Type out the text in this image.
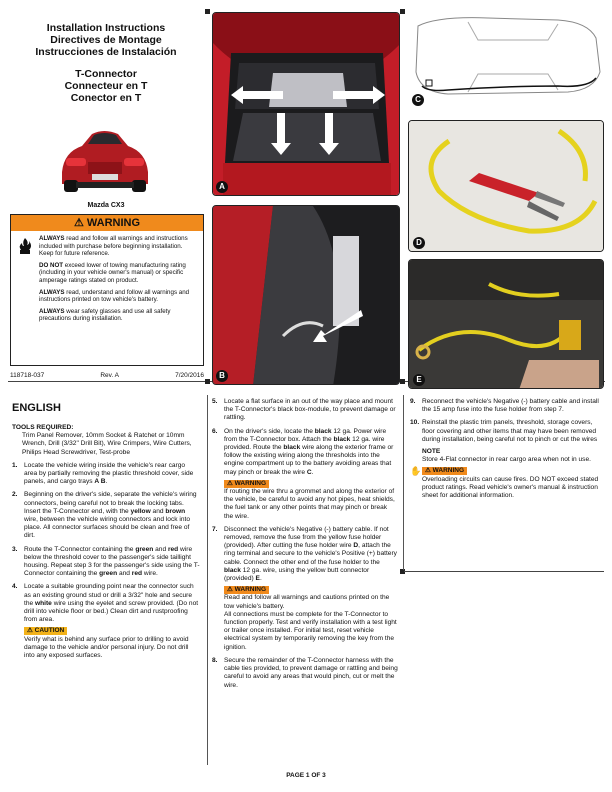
Installation Instructions
Directives de Montage
Instrucciones de Instalación
T-Connector
Connecteur en T
Conector en T
Mazda CX3
⚠ WARNING

ALWAYS read and follow all warnings and instructions included with purchase before beginning installation. Keep for future reference.

DO NOT exceed lower of towing manufacturing rating (including in your vehicle owner's manual) or specific amperage ratings stated on product.

ALWAYS read, understand and follow all warnings and instructions printed on tow vehicle's battery.

ALWAYS wear safety glasses and use all safety precautions during installation.

118718-037	Rev. A	7/20/2016
A
B
C
D
E
ENGLISH
TOOLS REQUIRED:
Trim Panel Remover, 10mm Socket & Ratchet or 10mm Wrench, Drill (3/32" Drill Bit), Wire Crimpers, Wire Cutters, Philips Head Screwdriver, Test-probe
1. Locate the vehicle wiring inside the vehicle's rear cargo area by partially removing the plastic threshold cover, side panels, and cargo trays A B.
2. Beginning on the driver's side, separate the vehicle's wiring connectors, being careful not to break the locking tabs. Insert the T-Connector end, with the yellow and brown wire, between the vehicle wiring connectors and lock into place. All connector surfaces should be clean and free of dirt.
3. Route the T-Connector containing the green and red wire below the threshold cover to the passenger's side taillight housing. Repeat step 3 for the passenger's side using the T-Connector containing the green and red wire.
4. Locate a suitable grounding point near the connector such as an existing ground stud or drill a 3/32" hole and secure the white wire using the eyelet and screw provided. (Do not drill into vehicle floor or bed.) Clean dirt and rustproofing from area.
⚠ CAUTION
Verify what is behind any surface prior to drilling to avoid damage to the vehicle and/or personal injury. Do not drill into any exposed surfaces.
5. Locate a flat surface in an out of the way place and mount the T-Connector's black box-module, to prevent damage or rattling.
6. On the driver's side, locate the black 12 ga. Power wire from the T-Connector box. Attach the black 12 ga. wire provided. Route the black wire along the exterior frame or follow the existing wiring along the thresholds into the engine compartment up to the battery avoiding areas that may pinch or break the wire C.
⚠ WARNING
If routing the wire thru a grommet and along the exterior of the vehicle, be careful to avoid any hot pipes, heat shields, the fuel tank or any other points that may pinch or break the wire.
7. Disconnect the vehicle's Negative (-) battery cable. If not removed, remove the fuse from the yellow fuse holder (provided). After cutting the fuse holder wire D, attach the ring terminal and secure to the vehicle's Positive (+) battery cable. Connect the other end of the fuse holder to the black 12 ga. wire, using the yellow butt connector (provided) E.
⚠ WARNING
Read and follow all warnings and cautions printed on the tow vehicle's battery.
All connections must be complete for the T-Connector to function properly. Test and verify installation with a test light or trailer once installed. For initial test, reset vehicle electrical system by temporarily removing the key from the ignition.
8. Secure the remainder of the T-Connector harness with the cable ties provided, to prevent damage or rattling and being careful to avoid any areas that would pinch, cut or melt the wire.
9. Reconnect the vehicle's Negative (-) battery cable and install the 15 amp fuse into the fuse holder from step 7.
10. Reinstall the plastic trim panels, threshold, storage covers, floor covering and other items that may have been removed during installation, being careful not to pinch or cut the wires
NOTE
Store 4-Flat connector in rear cargo area when not in use.
✋ ⚠ WARNING
Overloading circuits can cause fires. DO NOT exceed stated product ratings. Read vehicle's owner's manual & instruction sheet for additional information.
PAGE 1 OF 3
